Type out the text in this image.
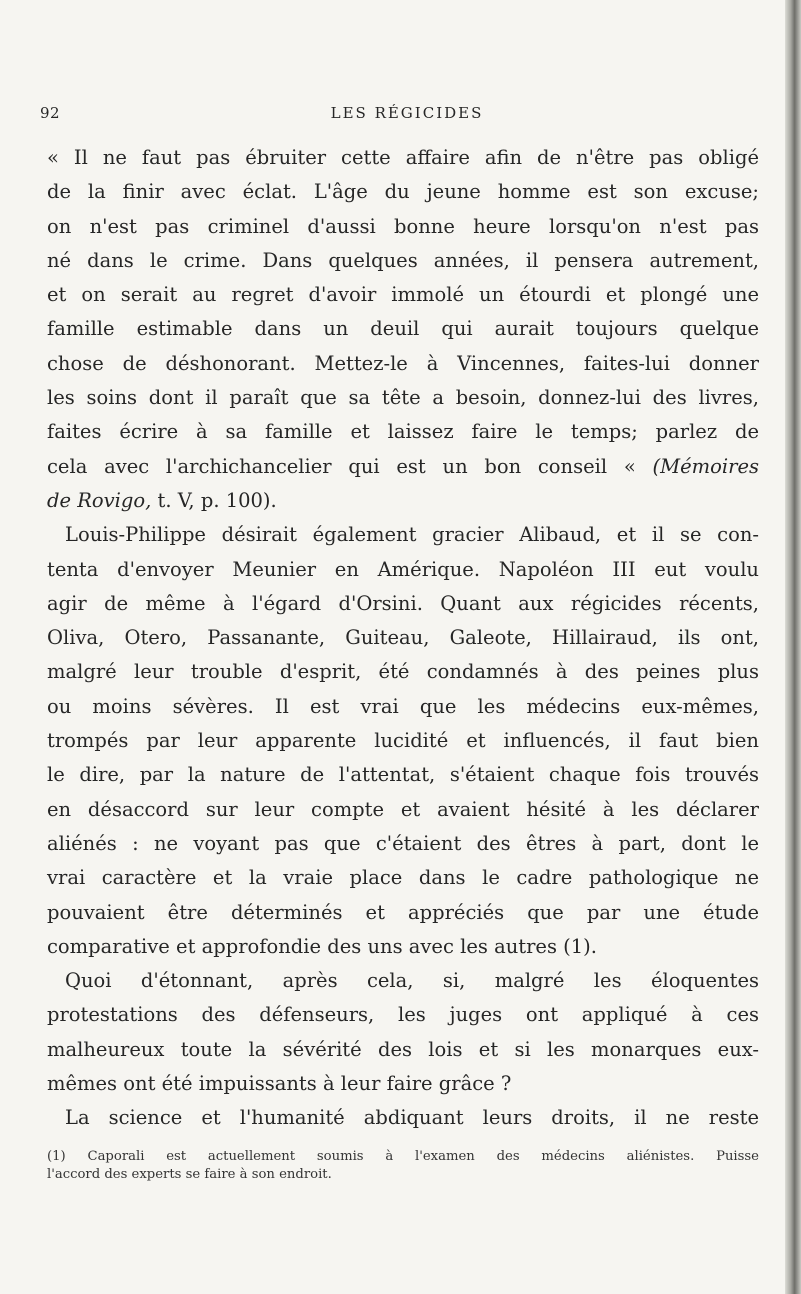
92	LES RÉGICIDES
« Il ne faut pas ébruiter cette affaire afin de n'être pas obligé
de la finir avec éclat. L'âge du jeune homme est son excuse;
on n'est pas criminel d'aussi bonne heure lorsqu'on n'est pas
né dans le crime. Dans quelques années, il pensera autrement,
et on serait au regret d'avoir immolé un étourdi et plongé une
famille estimable dans un deuil qui aurait toujours quelque
chose de déshonorant. Mettez-le à Vincennes, faites-lui donner
les soins dont il paraît que sa tête a besoin, donnez-lui des livres,
faites écrire à sa famille et laissez faire le temps; parlez de
cela avec l'archichancelier qui est un bon conseil « (Mémoires
de Rovigo, t. V, p. 100).
Louis-Philippe désirait également gracier Alibaud, et il se con-
tenta d'envoyer Meunier en Amérique. Napoléon III eut voulu
agir de même à l'égard d'Orsini. Quant aux régicides récents,
Oliva, Otero, Passanante, Guiteau, Galeote, Hillairaud, ils ont,
malgré leur trouble d'esprit, été condamnés à des peines plus
ou moins sévères. Il est vrai que les médecins eux-mêmes,
trompés par leur apparente lucidité et influencés, il faut bien
le dire, par la nature de l'attentat, s'étaient chaque fois trouvés
en désaccord sur leur compte et avaient hésité à les déclarer
aliénés : ne voyant pas que c'étaient des êtres à part, dont le
vrai caractère et la vraie place dans le cadre pathologique ne
pouvaient être déterminés et appréciés que par une étude
comparative et approfondie des uns avec les autres (1).
Quoi d'étonnant, après cela, si, malgré les éloquentes
protestations des défenseurs, les juges ont appliqué à ces
malheureux toute la sévérité des lois et si les monarques eux-
mêmes ont été impuissants à leur faire grâce ?
La science et l'humanité abdiquant leurs droits, il ne reste
(1) Caporali est actuellement soumis à l'examen des médecins aliénistes. Puisse
l'accord des experts se faire à son endroit.
